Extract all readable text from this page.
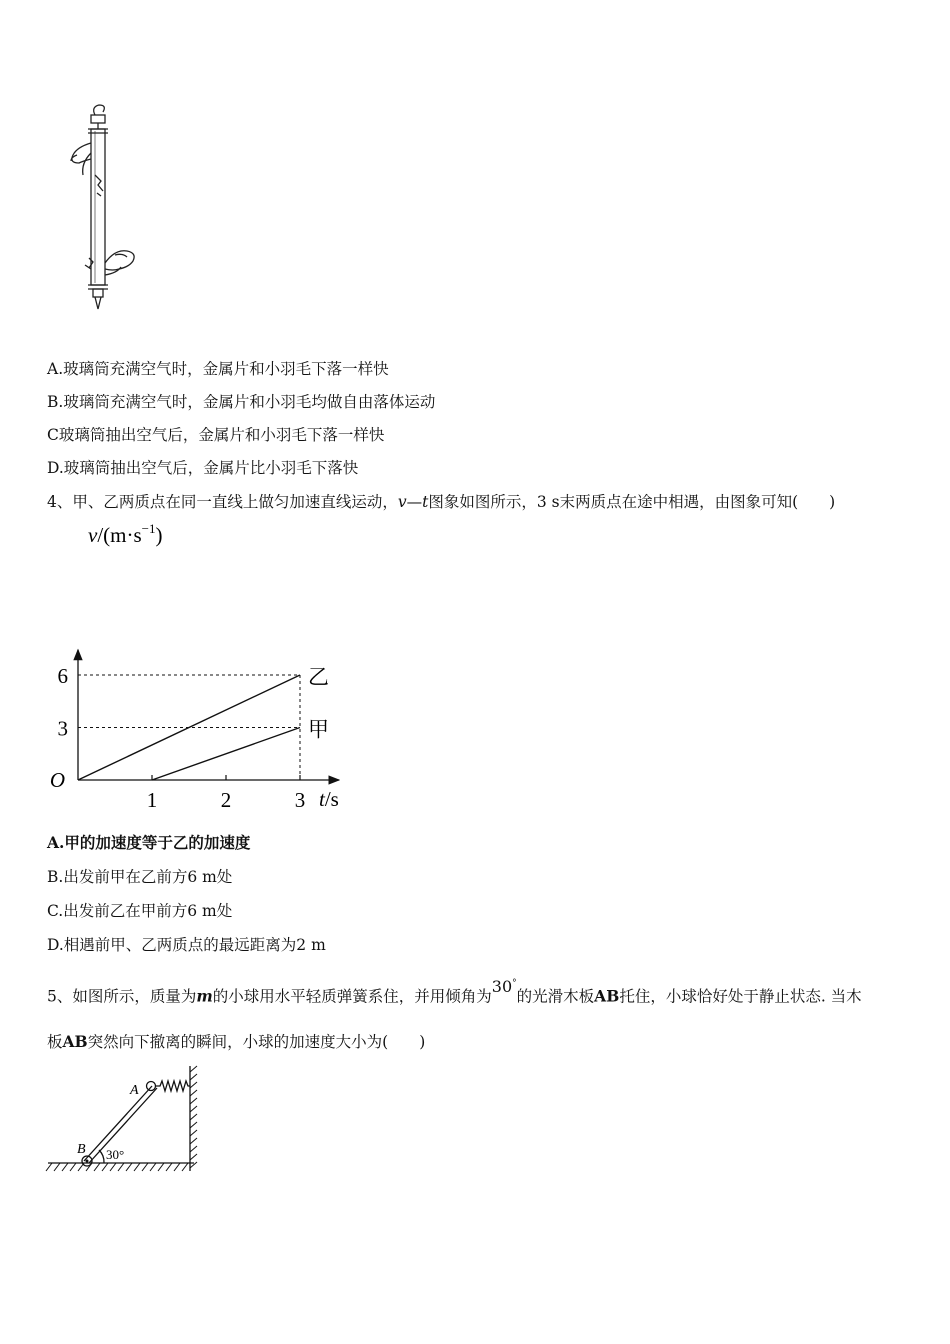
A.玻璃筒充满空气时，金属片和小羽毛下落一样快
B.玻璃筒充满空气时，金属片和小羽毛均做自由落体运动
C玻璃筒抽出空气后，金属片和小羽毛下落一样快
D.玻璃筒抽出空气后，金属片比小羽毛下落快
4、甲、乙两质点在同一直线上做匀加速直线运动，v—t图象如图所示，3 s末两质点在途中相遇，由图象可知(　　)
1	2	3
3
6
O
乙
甲
$v/(m\cdot s^{-1})$
t/s
A.甲的加速度等于乙的加速度
B.出发前甲在乙前方6 m处
C.出发前乙在甲前方6 m处
D.相遇前甲、乙两质点的最远距离为2 m
5、如图所示，质量为m的小球用水平轻质弹簧系住，并用倾角为30°的光滑木板AB托住，小球恰好处于静止状态. 当木
板AB突然向下撤离的瞬间，小球的加速度大小为(　　)
A
B 30°
